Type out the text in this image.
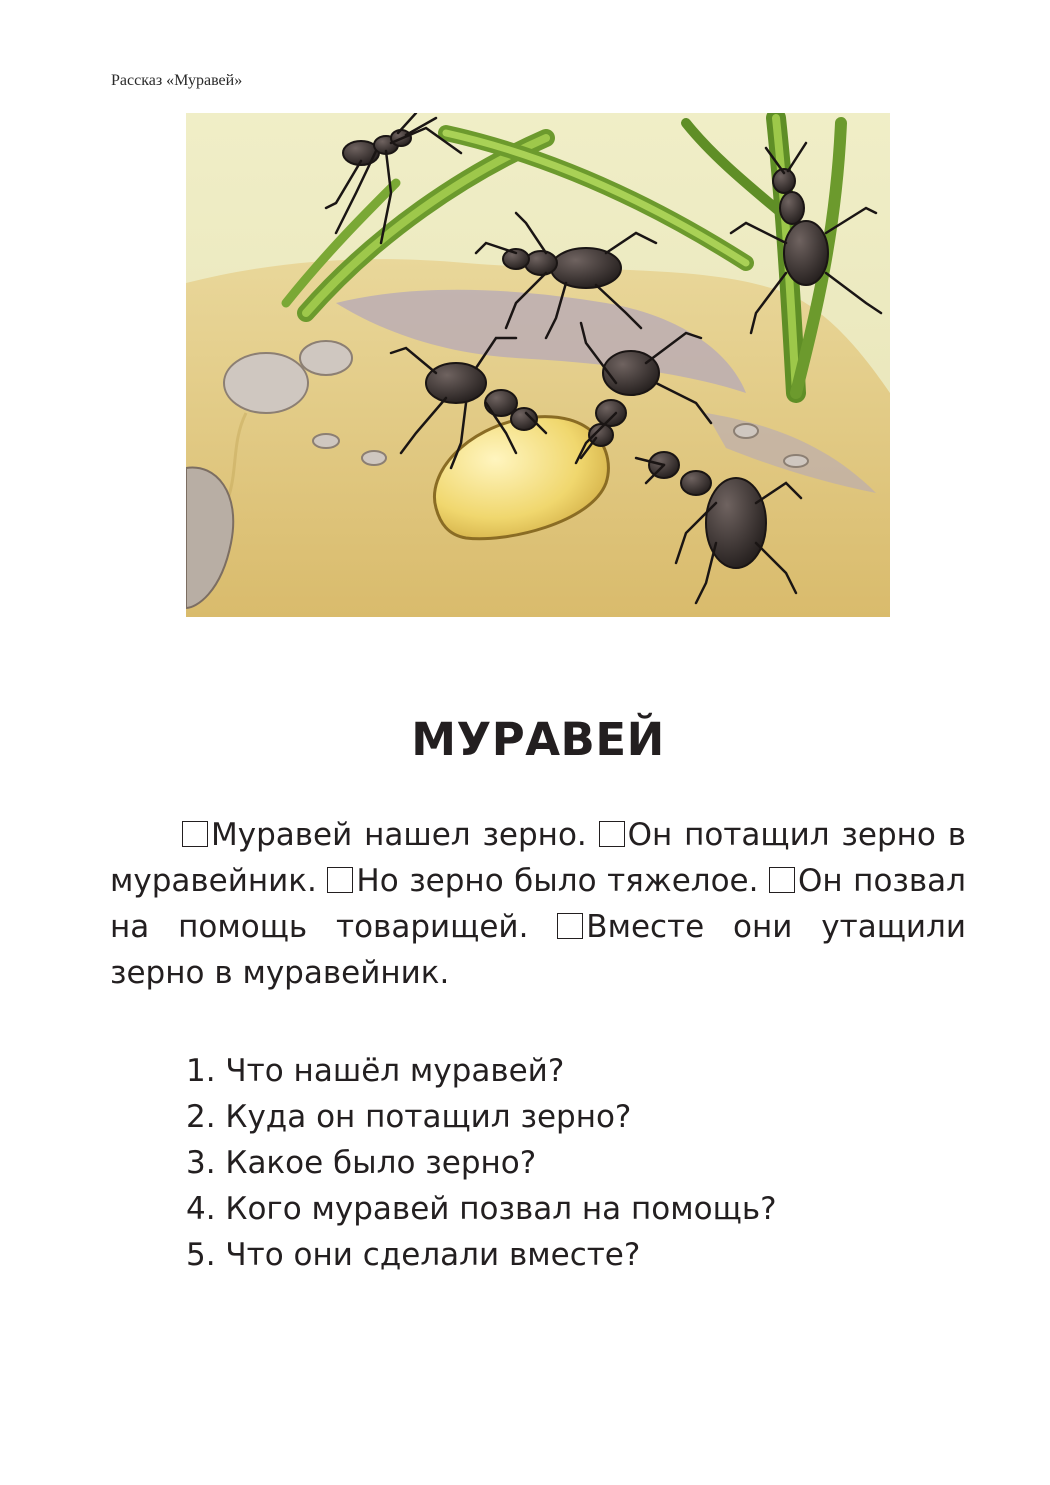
Рассказ «Муравей»
МУРАВЕЙ
Муравей нашел зерно. Он потащил зерно в муравейник. Но зерно было тяжелое. Он позвал на помощь товарищей. Вместе они утащили зерно в муравейник.
1. Что нашёл муравей?
2. Куда он потащил зерно?
3. Какое было зерно?
4. Кого муравей позвал на помощь?
5. Что они сделали вместе?
